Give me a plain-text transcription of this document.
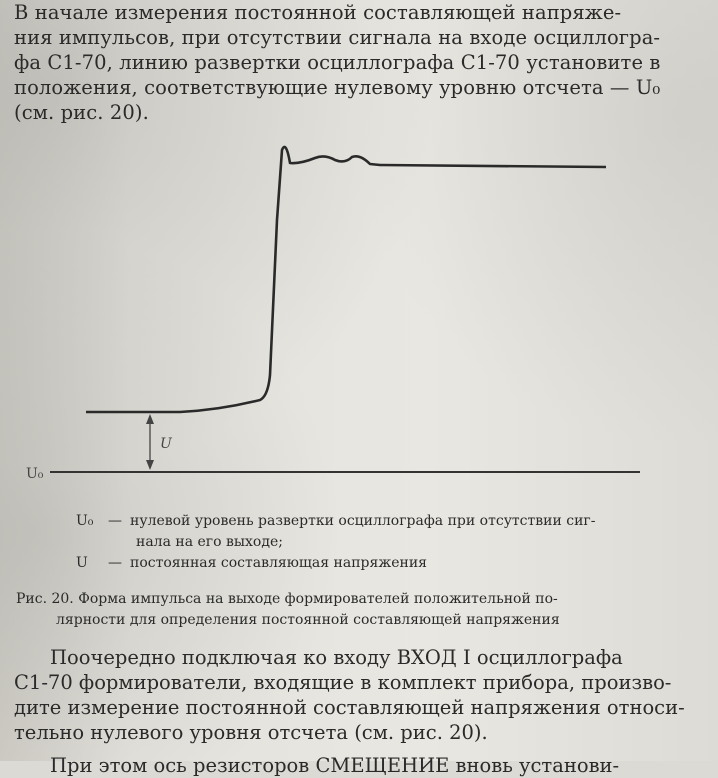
В начале измерения постоянной составляющей напряже-

ния импульсов, при отсутствии сигнала на входе осциллогра-

фа С1-70, линию развертки осциллографа С1-70 установите в

положения, соответствующие нулевому уровню отсчета — U₀

(см. рис. 20).

U
U₀
U₀	— нулевой уровень развертки осциллографа при отсутствии сиг-
нала на его выходе;
U	— постоянная составляющая напряжения

Рис. 20. Форма импульса на выходе формирователей положительной по-

лярности для определения постоянной составляющей напряжения

Поочередно подключая ко входу ВХОД I осциллографа

С1-70 формирователи, входящие в комплект прибора, произво-

дите измерение постоянной составляющей напряжения относи-

тельно нулевого уровня отсчета (см. рис. 20).

При этом ось резисторов СМЕЩЕНИЕ вновь установи-
